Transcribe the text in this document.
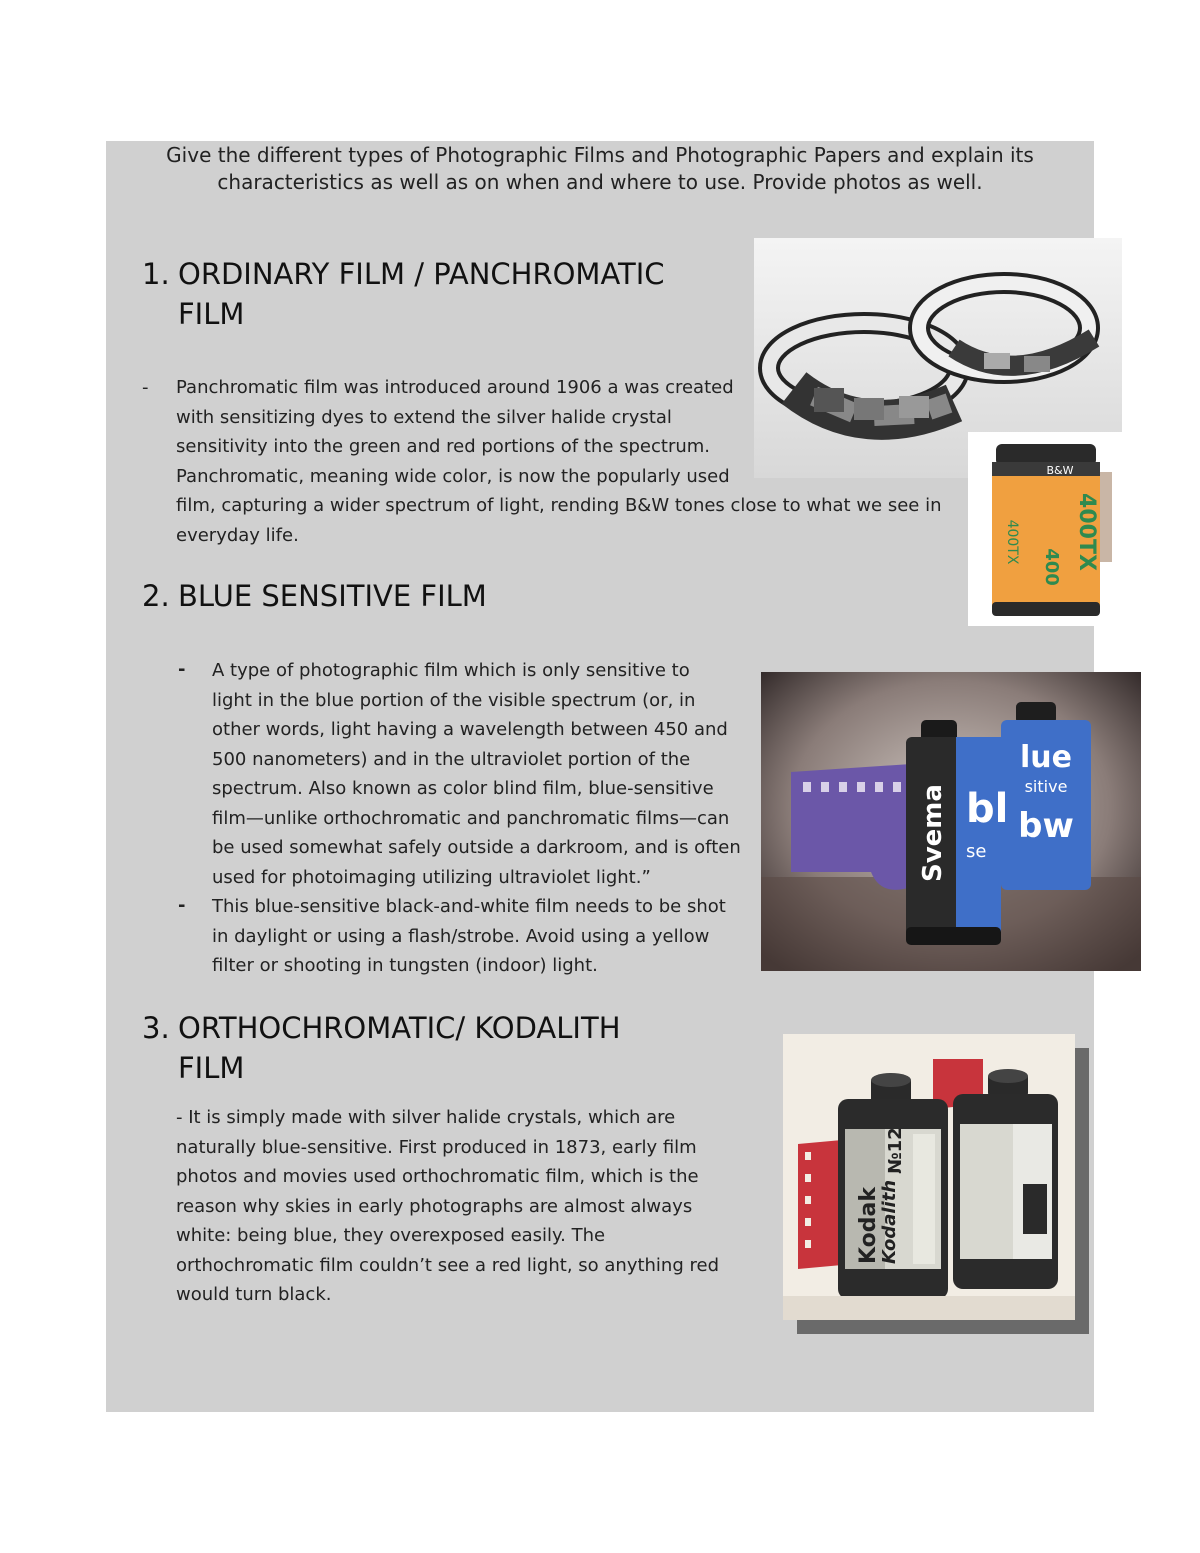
Give the different types of Photographic Films and Photographic Papers and explain its
characteristics as well as on when and where to use. Provide photos as well.
1. ORDINARY FILM / PANCHROMATIC
FILM
- Panchromatic film was introduced around 1906 a was created
with sensitizing dyes to extend the silver halide crystal
sensitivity into the green and red portions of the spectrum.
Panchromatic, meaning wide color, is now the popularly used
film, capturing a wider spectrum of light, rending B&W tones close to what we see in
everyday life.
B&W
400TX
400
400TX
2. BLUE SENSITIVE FILM
- A type of photographic film which is only sensitive to
light in the blue portion of the visible spectrum (or, in
other words, light having a wavelength between 450 and
500 nanometers) and in the ultraviolet portion of the
spectrum. Also known as color blind film, blue-sensitive
film—unlike orthochromatic and panchromatic films—can
be used somewhat safely outside a darkroom, and is often
used for photoimaging utilizing ultraviolet light.”
- This blue-sensitive black-and-white film needs to be shot
in daylight or using a flash/strobe. Avoid using a yellow
filter or shooting in tungsten (indoor) light.
lue
sitive
bw
Svema bl
se
3. ORTHOCHROMATIC/ KODALITH
FILM
- It is simply made with silver halide crystals, which are
naturally blue-sensitive. First produced in 1873, early film
photos and movies used orthochromatic film, which is the
reason why skies in early photographs are almost always
white: being blue, they overexposed easily. The
orthochromatic film couldn’t see a red light, so anything red
would turn black.
Kodak
Kodalith
№12
